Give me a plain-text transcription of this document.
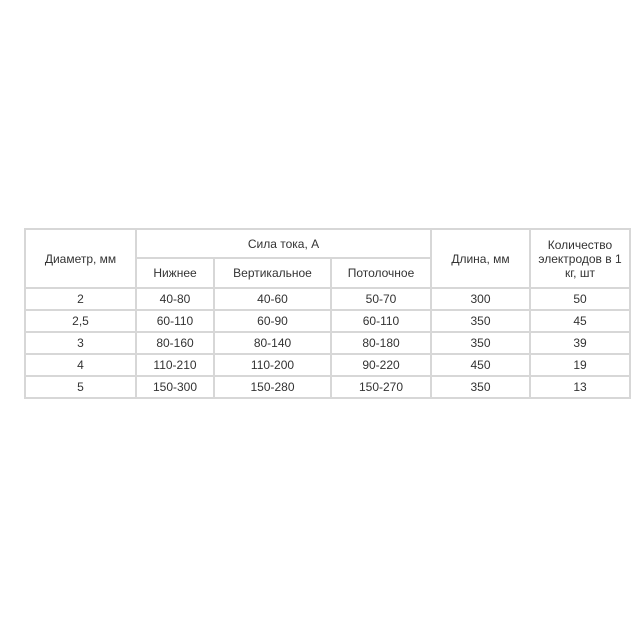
Диаметр, мм	Сила тока, А			Длина, мм	Количество электродов в 1 кг, шт
	Нижнее	Вертикальное	Потолочное		
2	40-80	40-60	50-70	300	50
2,5	60-110	60-90	60-110	350	45
3	80-160	80-140	80-180	350	39
4	110-210	110-200	90-220	450	19
5	150-300	150-280	150-270	350	13
